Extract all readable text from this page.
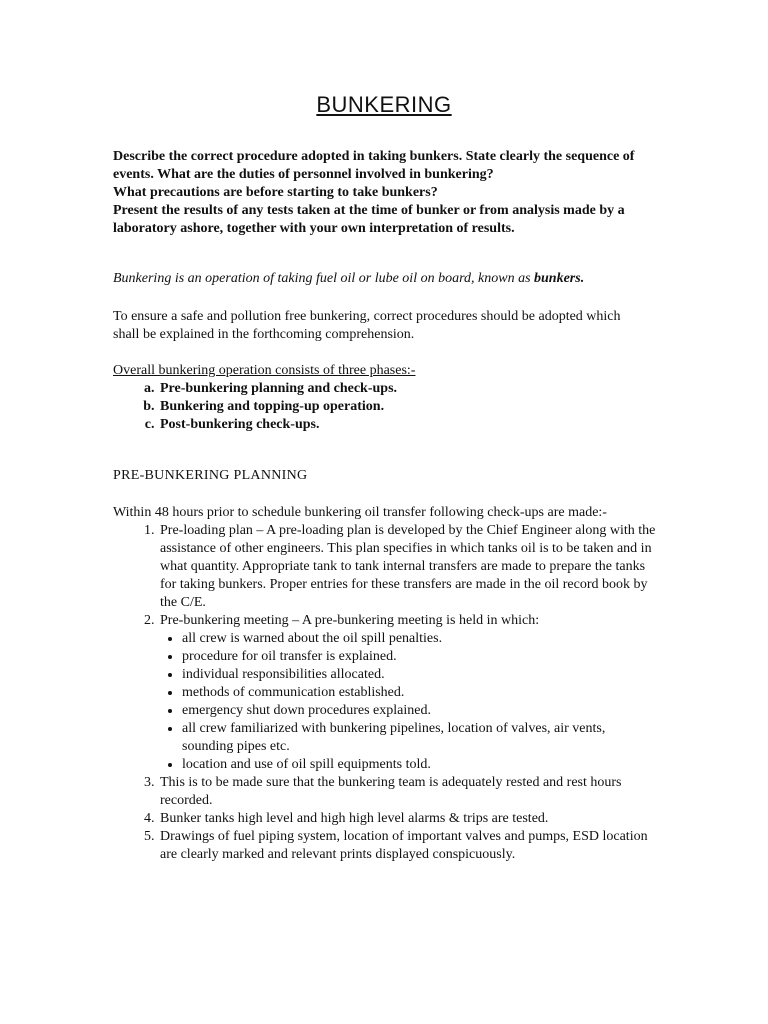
BUNKERING

Describe the correct procedure adopted in taking bunkers. State clearly the sequence of events. What are the duties of personnel involved in bunkering?

What precautions are before starting to take bunkers?

Present the results of any tests taken at the time of bunker or from analysis made by a laboratory ashore, together with your own interpretation of results.

Bunkering is an operation of taking fuel oil or lube oil on board, known as bunkers.
To ensure a safe and pollution free bunkering, correct procedures should be adopted which shall be explained in the forthcoming comprehension.
Overall bunkering operation consists of three phases:-
a. Pre-bunkering planning and check-ups.
b. Bunkering and topping-up operation.
c. Post-bunkering check-ups.
PRE-BUNKERING PLANNING
Within 48 hours prior to schedule bunkering oil transfer following check-ups are made:-
1. Pre-loading plan – A pre-loading plan is developed by the Chief Engineer along with the assistance of other engineers. This plan specifies in which tanks oil is to be taken and in what quantity. Appropriate tank to tank internal transfers are made to prepare the tanks for taking bunkers. Proper entries for these transfers are made in the oil record book by the C/E.
2. Pre-bunkering meeting – A pre-bunkering meeting is held in which:
• all crew is warned about the oil spill penalties.
• procedure for oil transfer is explained.
• individual responsibilities allocated.
• methods of communication established.
• emergency shut down procedures explained.
• all crew familiarized with bunkering pipelines, location of valves, air vents, sounding pipes etc.
• location and use of oil spill equipments told.
3. This is to be made sure that the bunkering team is adequately rested and rest hours recorded.
4. Bunker tanks high level and high high level alarms & trips are tested.
5. Drawings of fuel piping system, location of important valves and pumps, ESD location are clearly marked and relevant prints displayed conspicuously.
